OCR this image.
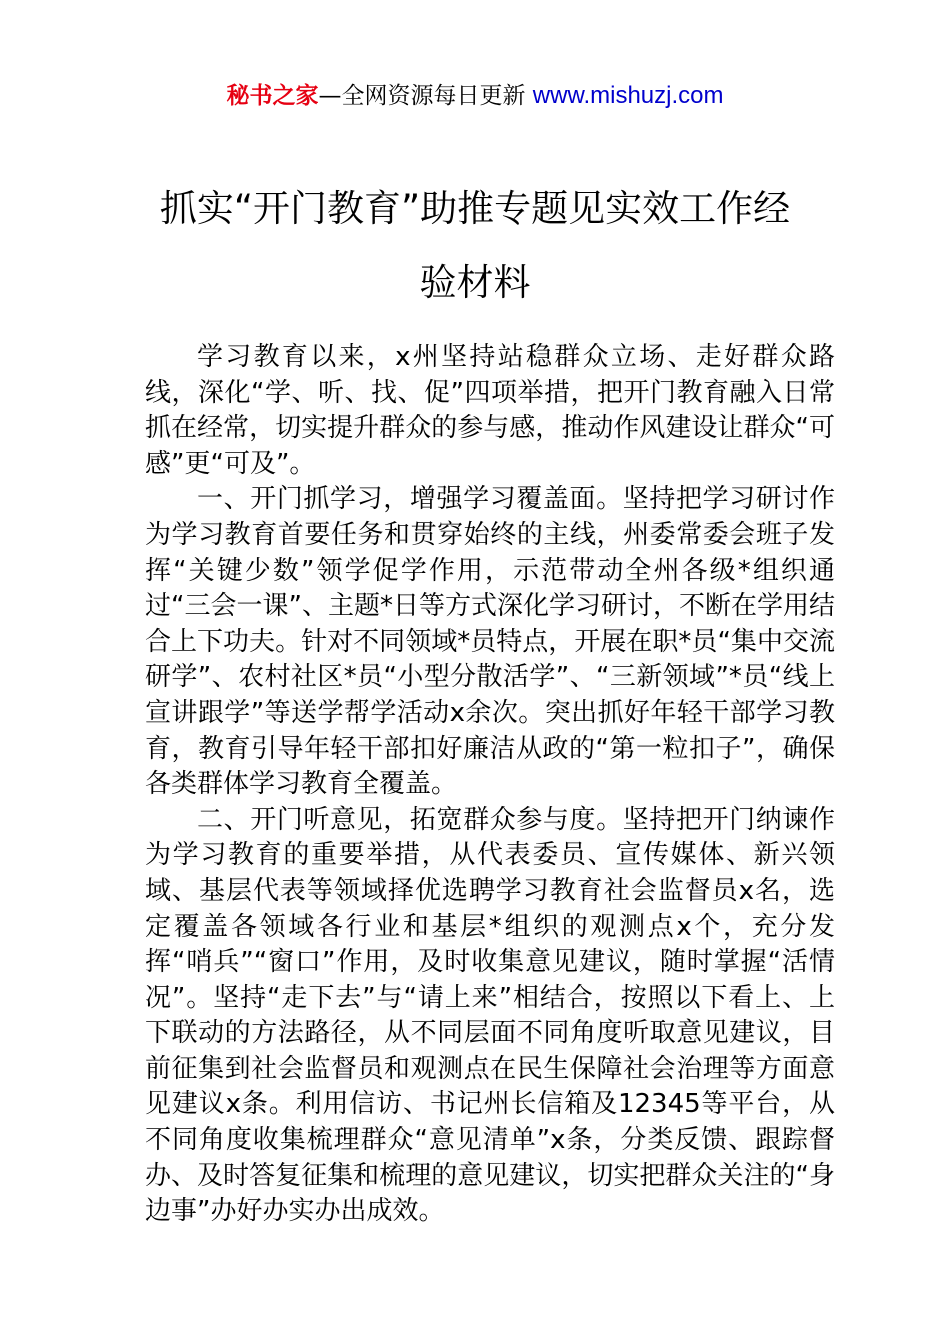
秘书之家—全网资源每日更新 www.mishuzj.com
抓实“开门教育”助推专题见实效工作经验材料

学习教育以来，x州坚持站稳群众立场、走好群众路线，深化“学、听、找、促”四项举措，把开门教育融入日常抓在经常，切实提升群众的参与感，推动作风建设让群众“可感”更“可及”。

一、开门抓学习，增强学习覆盖面。坚持把学习研讨作为学习教育首要任务和贯穿始终的主线，州委常委会班子发挥“关键少数”领学促学作用，示范带动全州各级*组织通过“三会一课”、主题*日等方式深化学习研讨，不断在学用结合上下功夫。针对不同领域*员特点，开展在职*员“集中交流研学”、农村社区*员“小型分散活学”、“三新领域”*员“线上宣讲跟学”等送学帮学活动x余次。突出抓好年轻干部学习教育，教育引导年轻干部扣好廉洁从政的“第一粒扣子”，确保各类群体学习教育全覆盖。

二、开门听意见，拓宽群众参与度。坚持把开门纳谏作为学习教育的重要举措，从代表委员、宣传媒体、新兴领域、基层代表等领域择优选聘学习教育社会监督员x名，选定覆盖各领域各行业和基层*组织的观测点x个，充分发挥“哨兵”“窗口”作用，及时收集意见建议，随时掌握“活情况”。坚持“走下去”与“请上来”相结合，按照以下看上、上下联动的方法路径，从不同层面不同角度听取意见建议，目前征集到社会监督员和观测点在民生保障社会治理等方面意见建议x条。利用信访、书记州长信箱及12345等平台，从不同角度收集梳理群众“意见清单”x条，分类反馈、跟踪督办、及时答复征集和梳理的意见建议，切实把群众关注的“身边事”办好办实办出成效。
